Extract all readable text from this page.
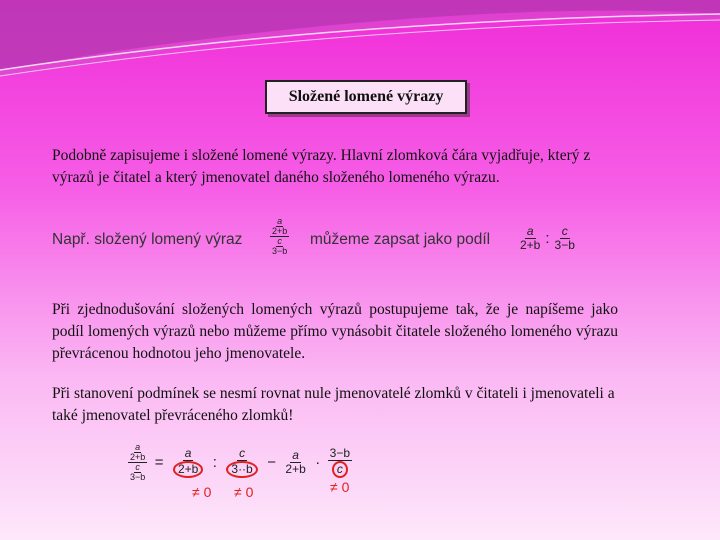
Složené lomené výrazy
Podobně zapisujeme i složené lomené výrazy. Hlavní zlomková čára vyjadřuje, který z výrazů je čitatel a který jmenovatel daného složeného lomeného výrazu.
Např. složený lomený výraz	$\frac{\frac{a}{2+b}}{\frac{c}{3-b}}$ můžeme zapsat jako podíl $\frac{a}{2+b}$ : $\frac{c}{3-b}$
Při zjednodušování složených lomených výrazů postupujeme tak, že je napíšeme jako podíl lomených výrazů nebo můžeme přímo vynásobit čitatele složeného lomeného výrazu převrácenou hodnotou jeho jmenovatele.
Při stanovení podmínek se nesmí rovnat nule jmenovatelé zlomků v čitateli i jmenovateli a také jmenovatel převráceného zlomků!
$\frac{\frac{a}{2+b}}{\frac{c}{3-b}} = \frac{a}{2+b}$ : $\frac{c}{3\cdot\cdot b} - \frac{a}{2+b} \cdot \frac{3-b}{c}$
≠ 0 ≠ 0	≠ 0
